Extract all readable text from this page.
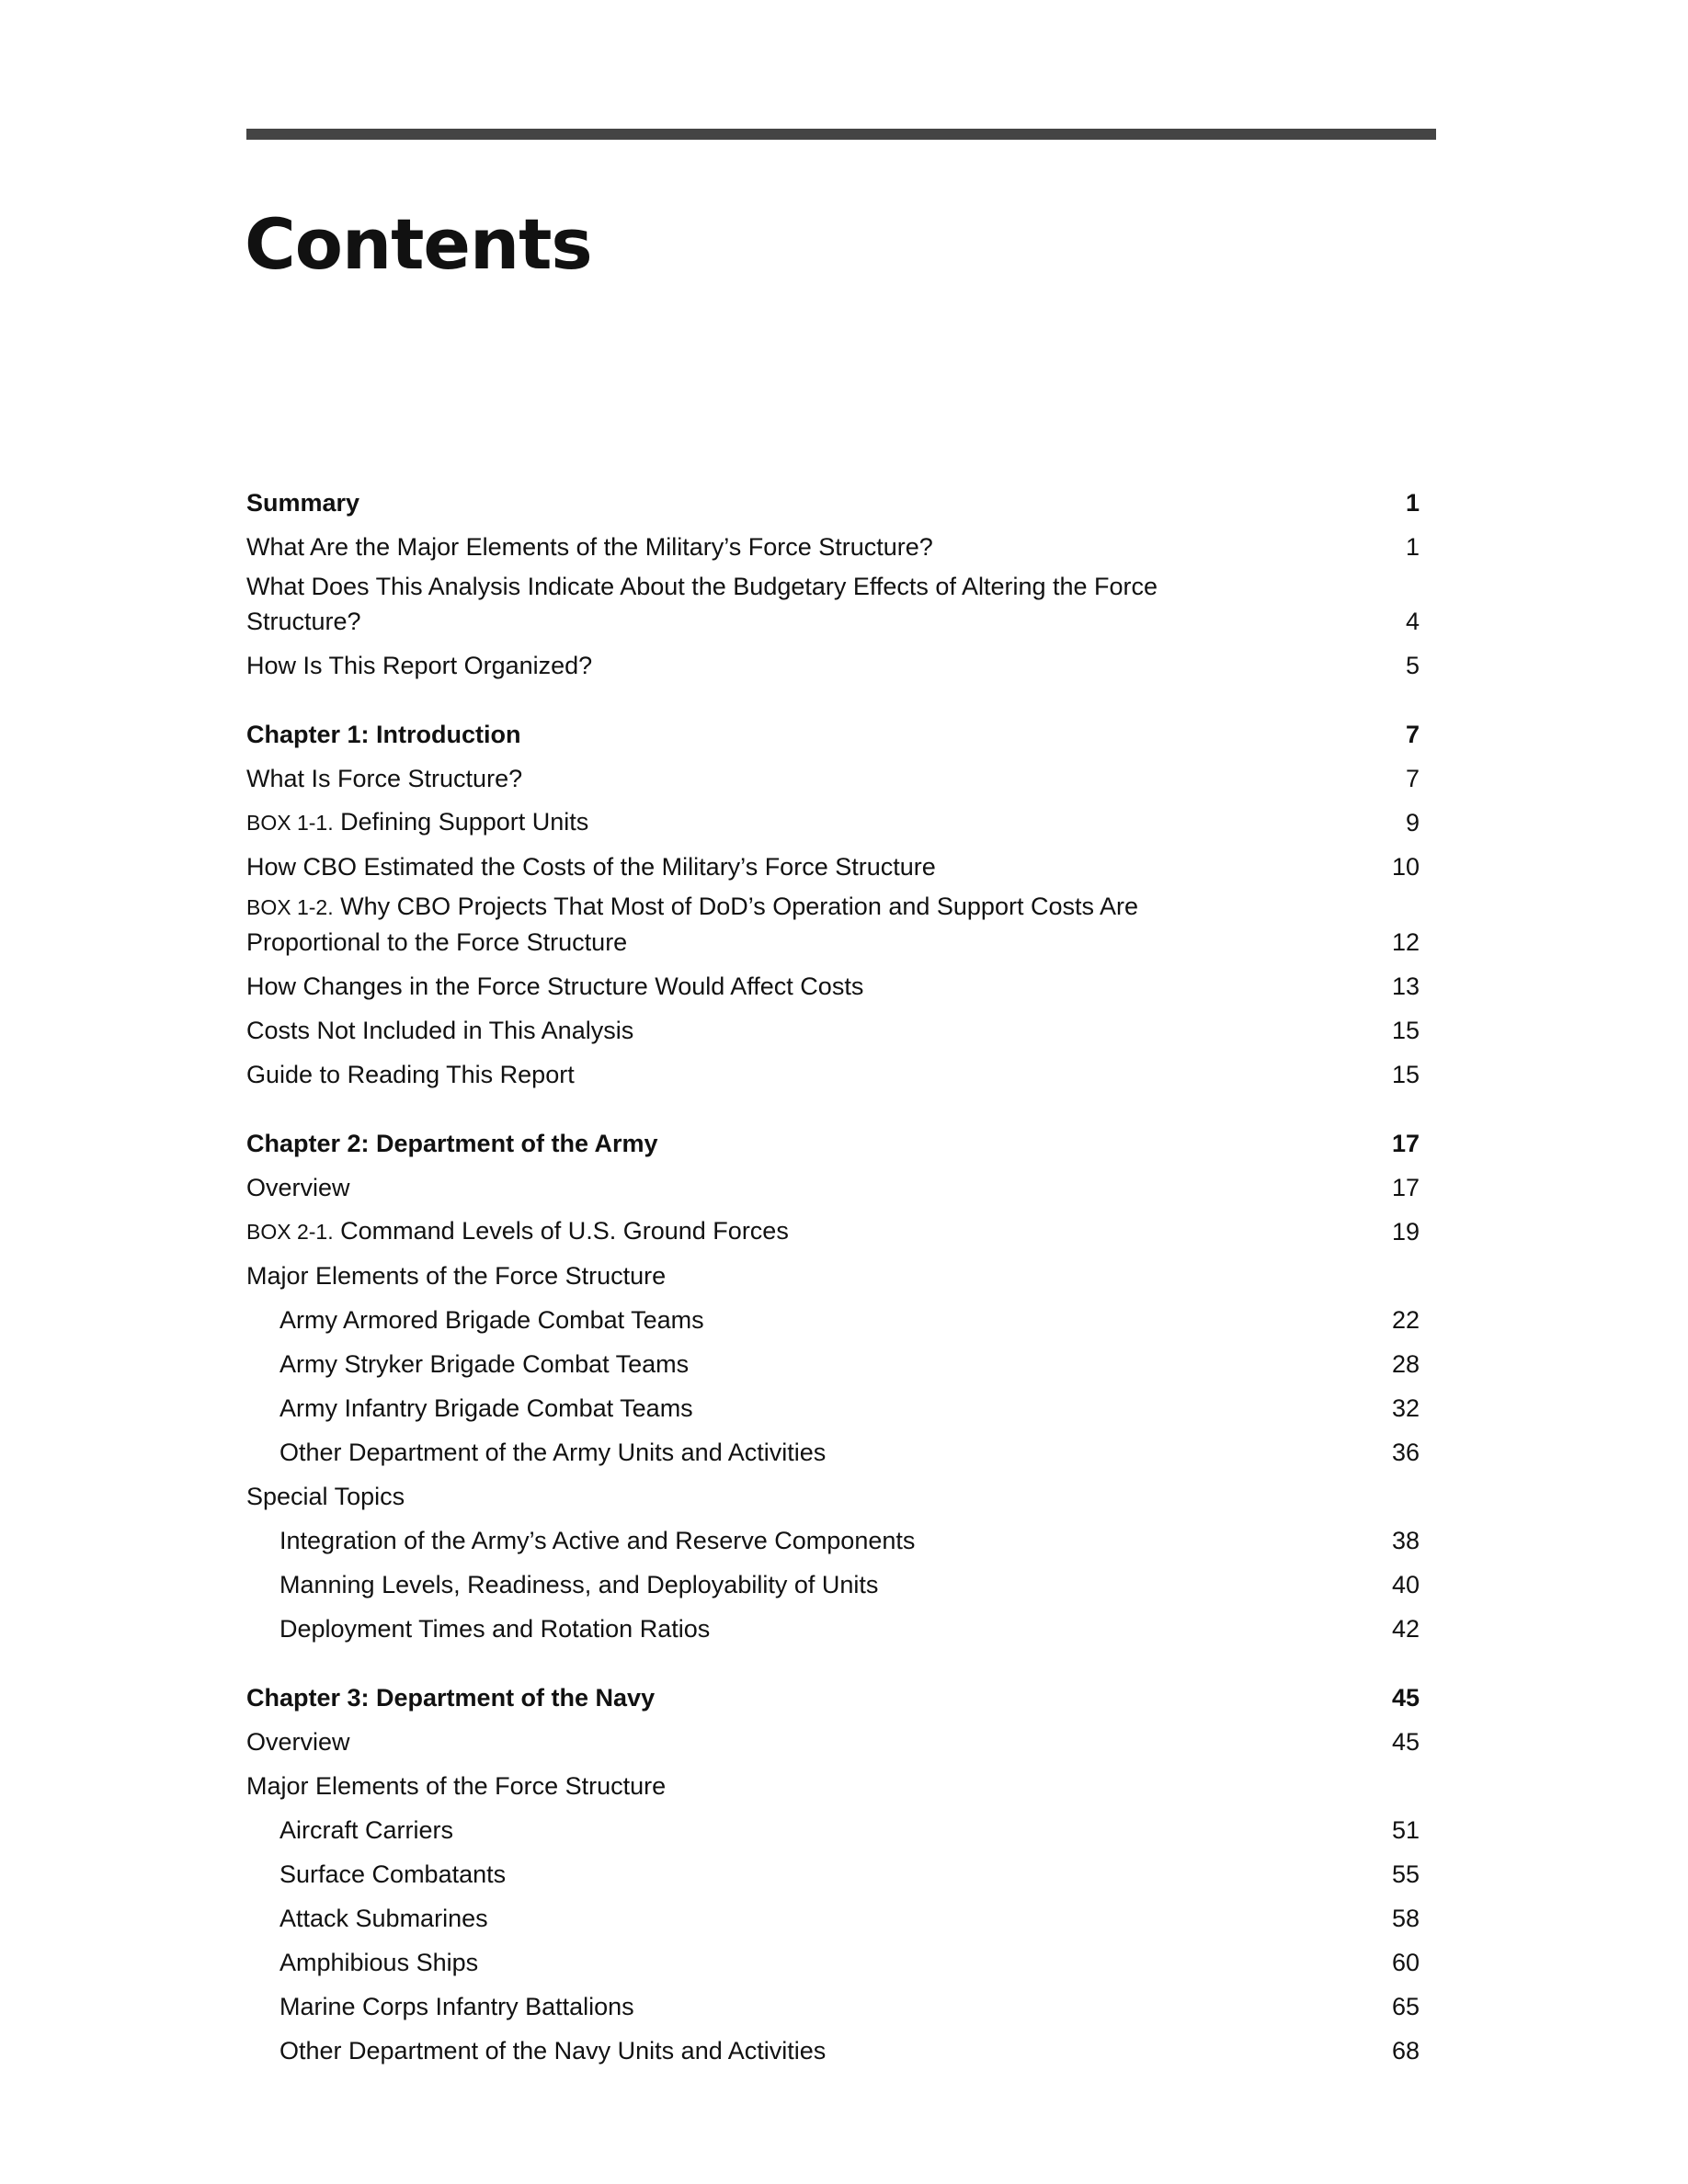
Contents
Summary	1
What Are the Major Elements of the Military’s Force Structure?	1
What Does This Analysis Indicate About the Budgetary Effects of Altering the Force Structure?	4
How Is This Report Organized?	5
Chapter 1: Introduction	7
What Is Force Structure?	7
BOX 1-1. Defining Support Units	9
How CBO Estimated the Costs of the Military’s Force Structure	10
BOX 1-2. Why CBO Projects That Most of DoD’s Operation and Support Costs Are Proportional to the Force Structure	12
How Changes in the Force Structure Would Affect Costs	13
Costs Not Included in This Analysis	15
Guide to Reading This Report	15
Chapter 2: Department of the Army	17
Overview	17
BOX 2-1. Command Levels of U.S. Ground Forces	19
Major Elements of the Force Structure
Army Armored Brigade Combat Teams	22
Army Stryker Brigade Combat Teams	28
Army Infantry Brigade Combat Teams	32
Other Department of the Army Units and Activities	36
Special Topics
Integration of the Army’s Active and Reserve Components	38
Manning Levels, Readiness, and Deployability of Units	40
Deployment Times and Rotation Ratios	42
Chapter 3: Department of the Navy	45
Overview	45
Major Elements of the Force Structure
Aircraft Carriers	51
Surface Combatants	55
Attack Submarines	58
Amphibious Ships	60
Marine Corps Infantry Battalions	65
Other Department of the Navy Units and Activities	68
